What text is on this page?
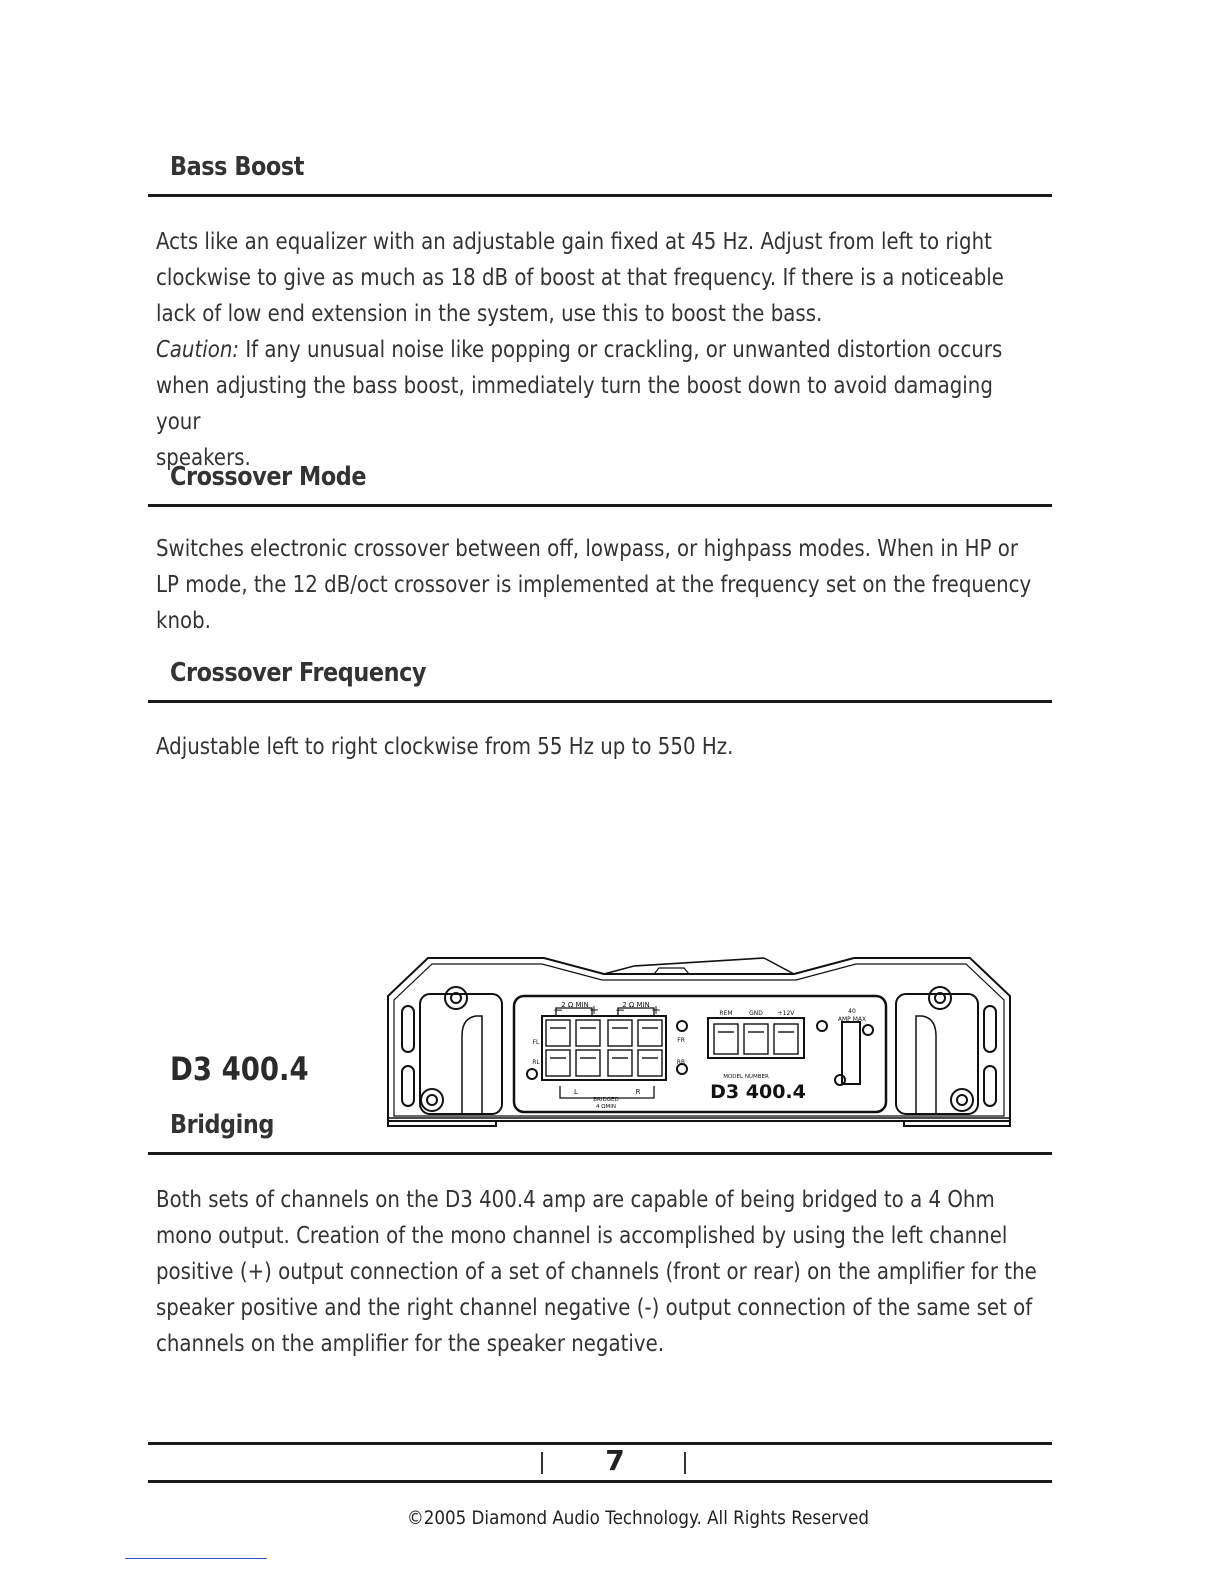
Bass Boost
Acts like an equalizer with an adjustable gain fixed at 45 Hz. Adjust from left to right
clockwise to give as much as 18 dB of boost at that frequency. If there is a noticeable
lack of low end extension in the system, use this to boost the bass.
Caution: If any unusual noise like popping or crackling, or unwanted distortion occurs
when adjusting the bass boost, immediately turn the boost down to avoid damaging your
speakers.
Crossover Mode
Switches electronic crossover between off, lowpass, or highpass modes. When in HP or
LP mode, the 12 dB/oct crossover is implemented at the frequency set on the frequency
knob.
Crossover Frequency
Adjustable left to right clockwise from 55 Hz up to 550 Hz.
D3 400.4
2 Ω MIN	2 Ω MIN
− + − +
FL
RL
FR
RR
L	R
BRIDGED
4 ΩMIN
REM	GND +12V	40
AMP MAX
MODEL NUMBER
D3 400.4
Bridging
Both sets of channels on the D3 400.4 amp are capable of being bridged to a 4 Ohm
mono output. Creation of the mono channel is accomplished by using the left channel
positive (+) output connection of a set of channels (front or rear) on the amplifier for the
speaker positive and the right channel negative (-) output connection of the same set of
channels on the amplifier for the speaker negative.
7
©2005 Diamond Audio Technology. All Rights Reserved
